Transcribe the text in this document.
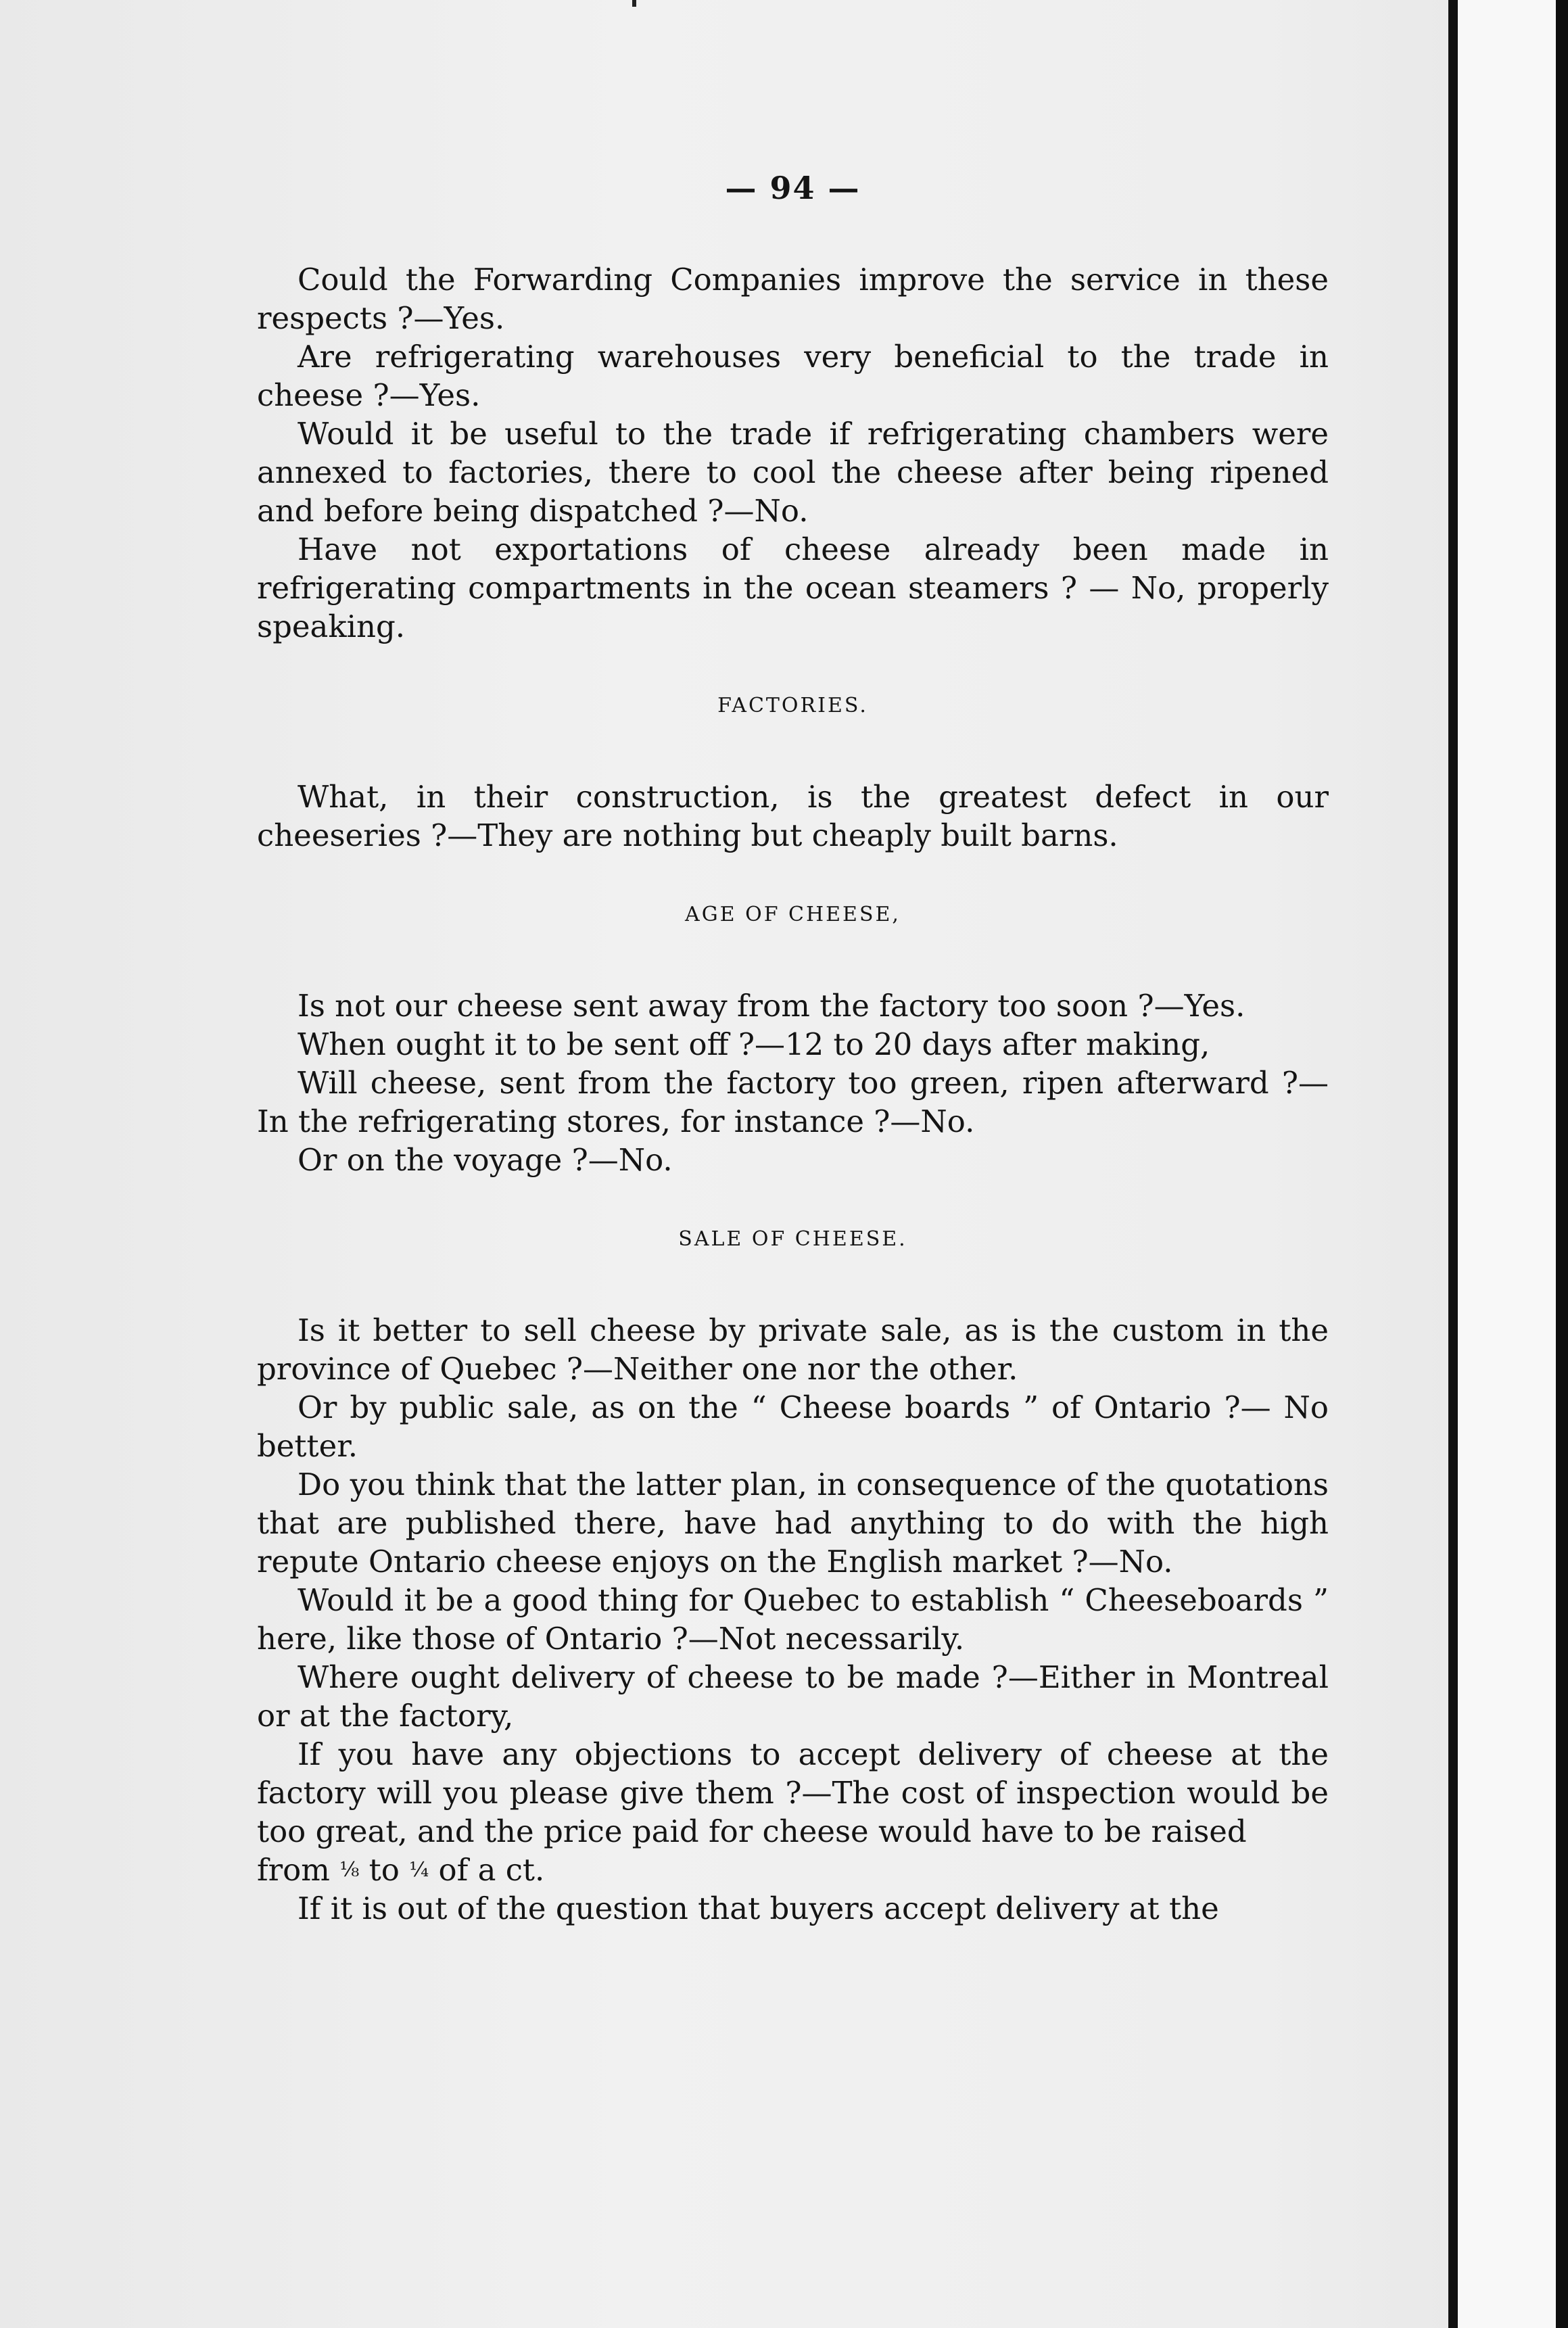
— 94 —

Could the Forwarding Companies improve the service in these respects ?—Yes.

Are refrigerating warehouses very beneficial to the trade in cheese ?—Yes.

Would it be useful to the trade if refrigerating chambers were annexed to factories, there to cool the cheese after being ripened and before being dispatched ?—No.

Have not exportations of cheese already been made in refrigerating compartments in the ocean steamers ? — No, properly speaking.

FACTORIES.

What, in their construction, is the greatest defect in our cheeseries ?—They are nothing but cheaply built barns.

AGE OF CHEESE,

Is not our cheese sent away from the factory too soon ?—Yes.

When ought it to be sent off ?—12 to 20 days after making,

Will cheese, sent from the factory too green, ripen afterward ?— In the refrigerating stores, for instance ?—No.

Or on the voyage ?—No.

SALE OF CHEESE.

Is it better to sell cheese by private sale, as is the custom in the province of Quebec ?—Neither one nor the other.

Or by public sale, as on the “ Cheese boards ” of Ontario ?— No better.

Do you think that the latter plan, in consequence of the quotations that are published there, have had anything to do with the high repute Ontario cheese enjoys on the English market ?—No.

Would it be a good thing for Quebec to establish “ Cheeseboards ” here, like those of Ontario ?—Not necessarily.

Where ought delivery of cheese to be made ?—Either in Montreal or at the factory,

If you have any objections to accept delivery of cheese at the factory will you please give them ?—The cost of inspection would be too great, and the price paid for cheese would have to be raised

from ⅛ to ¼ of a ct.

If it is out of the question that buyers accept delivery at the
